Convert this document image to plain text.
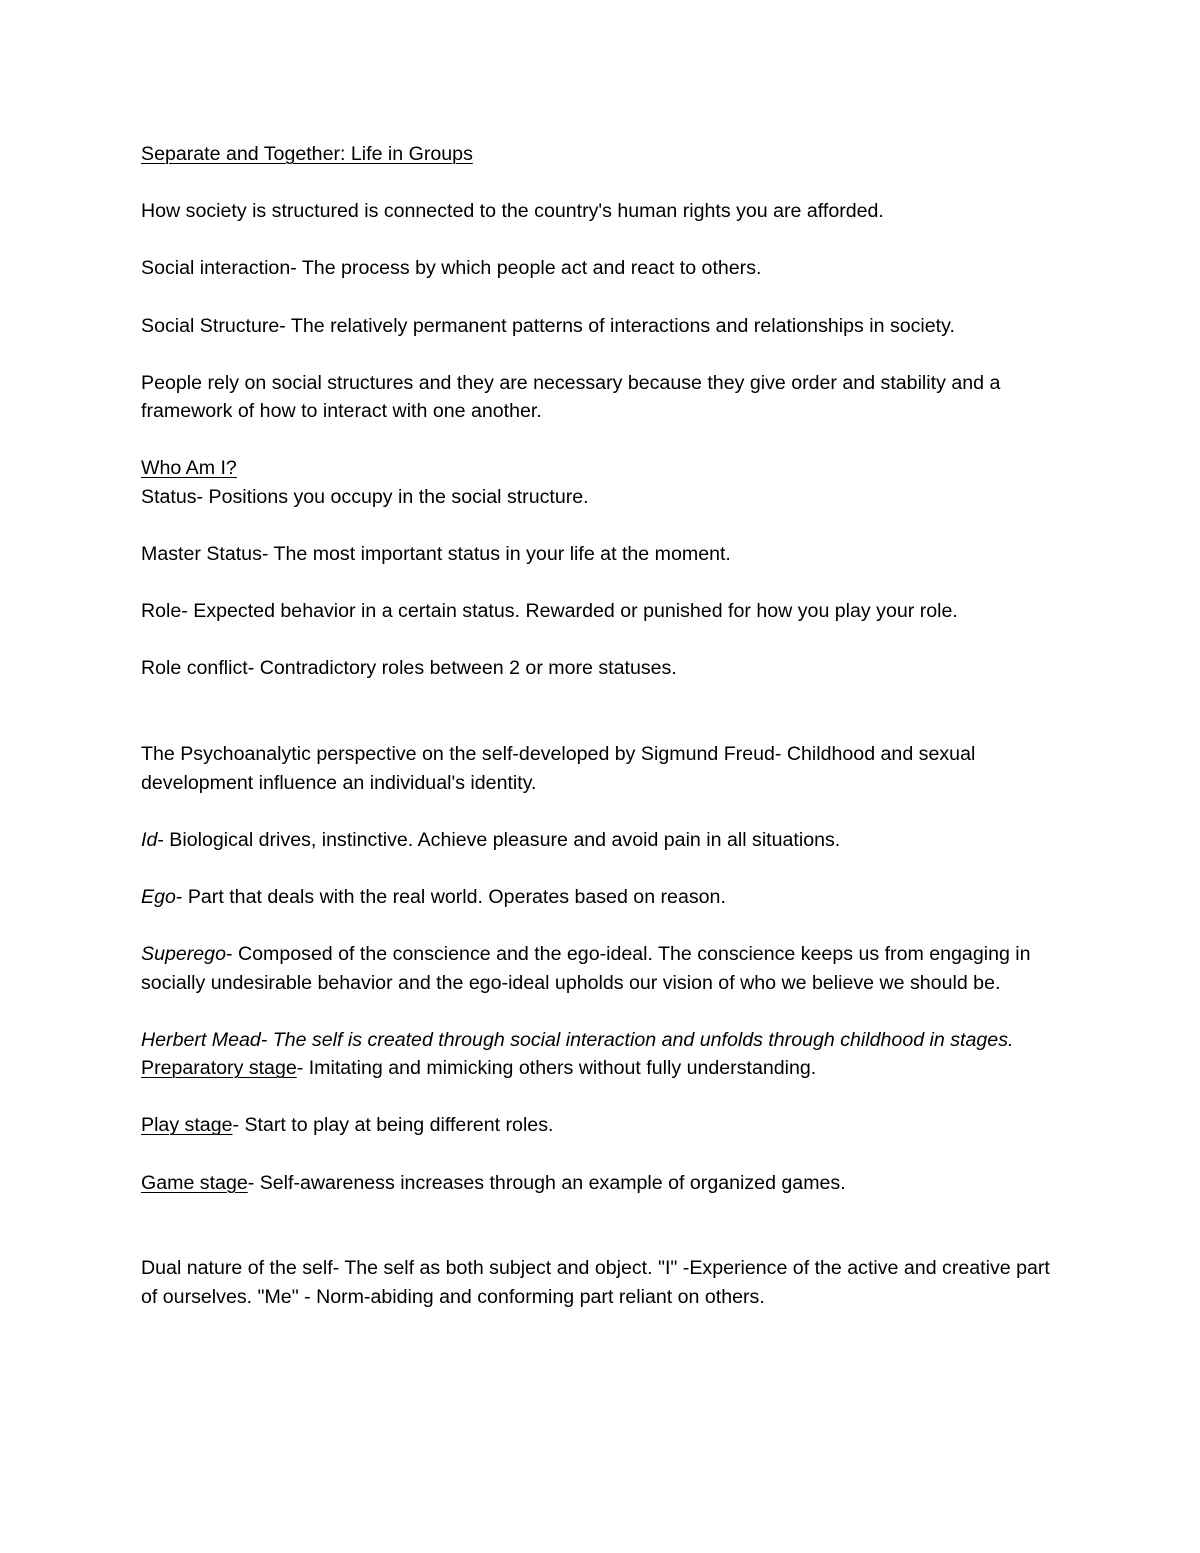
Separate and Together: Life in Groups

How society is structured is connected to the country's human rights you are afforded.

Social interaction- The process by which people act and react to others.

Social Structure- The relatively permanent patterns of interactions and relationships in society.

People rely on social structures and they are necessary because they give order and stability and a framework of how to interact with one another.

Who Am I?

Status- Positions you occupy in the social structure.

Master Status- The most important status in your life at the moment.

Role- Expected behavior in a certain status. Rewarded or punished for how you play your role.

Role conflict- Contradictory roles between 2 or more statuses.

The Psychoanalytic perspective on the self-developed by Sigmund Freud- Childhood and sexual development influence an individual's identity.

Id- Biological drives, instinctive. Achieve pleasure and avoid pain in all situations.

Ego- Part that deals with the real world. Operates based on reason.

Superego- Composed of the conscience and the ego-ideal. The conscience keeps us from engaging in socially undesirable behavior and the ego-ideal upholds our vision of who we believe we should be.

Herbert Mead- The self is created through social interaction and unfolds through childhood in stages.

Preparatory stage- Imitating and mimicking others without fully understanding.

Play stage- Start to play at being different roles.

Game stage- Self-awareness increases through an example of organized games.

Dual nature of the self- The self as both subject and object. "I" -Experience of the active and creative part of ourselves. "Me" - Norm-abiding and conforming part reliant on others.
